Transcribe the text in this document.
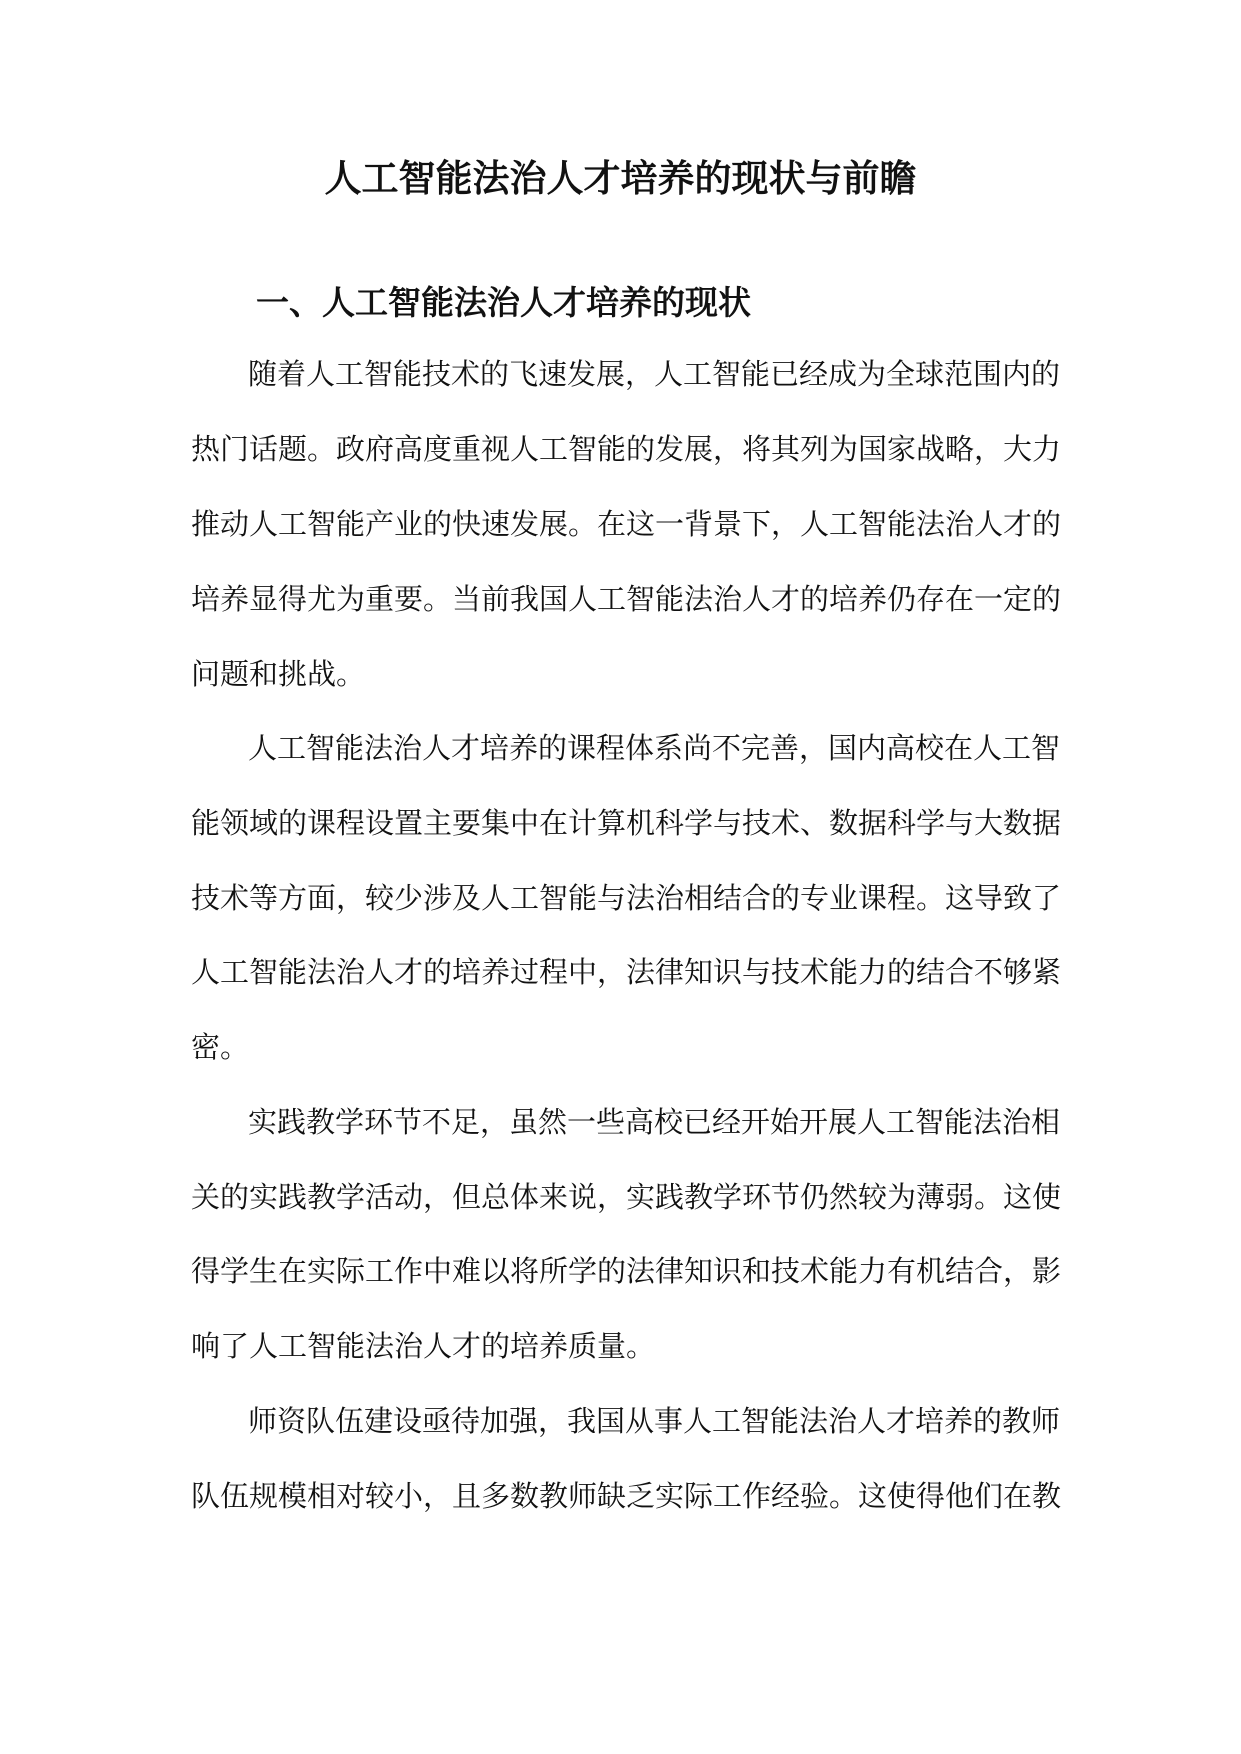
人工智能法治人才培养的现状与前瞻
一、人工智能法治人才培养的现状

随着人工智能技术的飞速发展，人工智能已经成为全球范围内的

热门话题。政府高度重视人工智能的发展，将其列为国家战略，大力

推动人工智能产业的快速发展。在这一背景下，人工智能法治人才的

培养显得尤为重要。当前我国人工智能法治人才的培养仍存在一定的

问题和挑战。

人工智能法治人才培养的课程体系尚不完善，国内高校在人工智

能领域的课程设置主要集中在计算机科学与技术、数据科学与大数据

技术等方面，较少涉及人工智能与法治相结合的专业课程。这导致了

人工智能法治人才的培养过程中，法律知识与技术能力的结合不够紧

密。

实践教学环节不足，虽然一些高校已经开始开展人工智能法治相

关的实践教学活动，但总体来说，实践教学环节仍然较为薄弱。这使

得学生在实际工作中难以将所学的法律知识和技术能力有机结合，影

响了人工智能法治人才的培养质量。

师资队伍建设亟待加强，我国从事人工智能法治人才培养的教师

队伍规模相对较小，且多数教师缺乏实际工作经验。这使得他们在教
